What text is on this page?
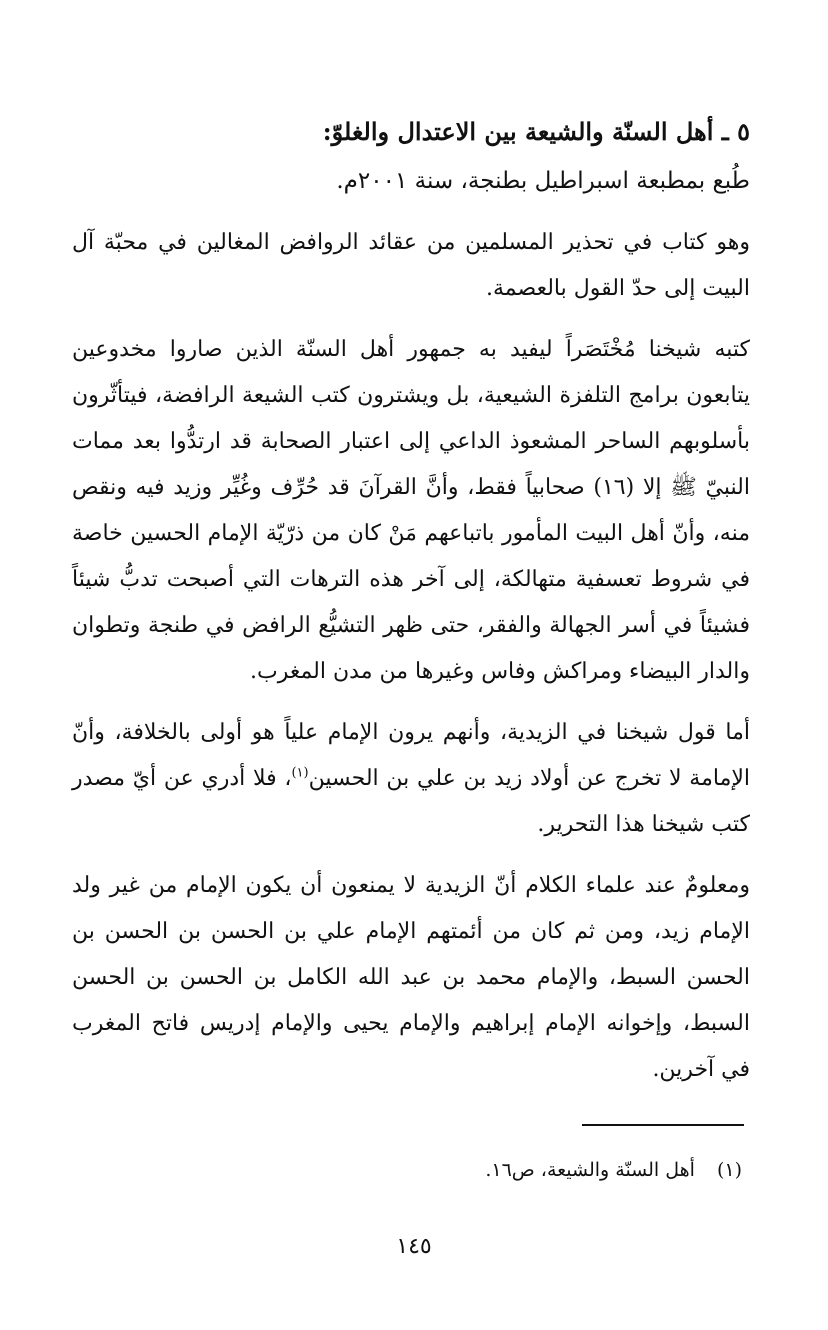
٥ ـ أهل السنّة والشيعة بين الاعتدال والغلوّ:
طُبع بمطبعة اسبراطيل بطنجة، سنة ٢٠٠١م.

وهو كتاب في تحذير المسلمين من عقائد الروافض المغالين في محبّة آل البيت إلى حدّ القول بالعصمة.

كتبه شيخنا مُخْتَصَراً ليفيد به جمهور أهل السنّة الذين صاروا مخدوعين يتابعون برامج التلفزة الشيعية، بل ويشترون كتب الشيعة الرافضة، فيتأثّرون بأسلوبهم الساحر المشعوذ الداعي إلى اعتبار الصحابة قد ارتدُّوا بعد ممات النبيّ ﷺ إلا (١٦) صحابياً فقط، وأنَّ القرآنَ قد حُرِّف وغُيِّر وزيد فيه ونقص منه، وأنّ أهل البيت المأمور باتباعهم مَنْ كان من ذرّيّة الإمام الحسين خاصة في شروط تعسفية متهالكة، إلى آخر هذه الترهات التي أصبحت تدبُّ شيئاً فشيئاً في أسر الجهالة والفقر، حتى ظهر التشيُّع الرافض في طنجة وتطوان والدار البيضاء ومراكش وفاس وغيرها من مدن المغرب.

أما قول شيخنا في الزيدية، وأنهم يرون الإمام علياً هو أولى بالخلافة، وأنّ الإمامة لا تخرج عن أولاد زيد بن علي بن الحسين$^{(١)}$، فلا أدري عن أيّ مصدر كتب شيخنا هذا التحرير.

ومعلومٌ عند علماء الكلام أنّ الزيدية لا يمنعون أن يكون الإمام من غير ولد الإمام زيد، ومن ثم كان من أئمتهم الإمام علي بن الحسن بن الحسن بن الحسن السبط، والإمام محمد بن عبد الله الكامل بن الحسن بن الحسن السبط، وإخوانه الإمام إبراهيم والإمام يحيى والإمام إدريس فاتح المغرب في آخرين.

(١)أهل السنّة والشيعة، ص١٦.
١٤٥
